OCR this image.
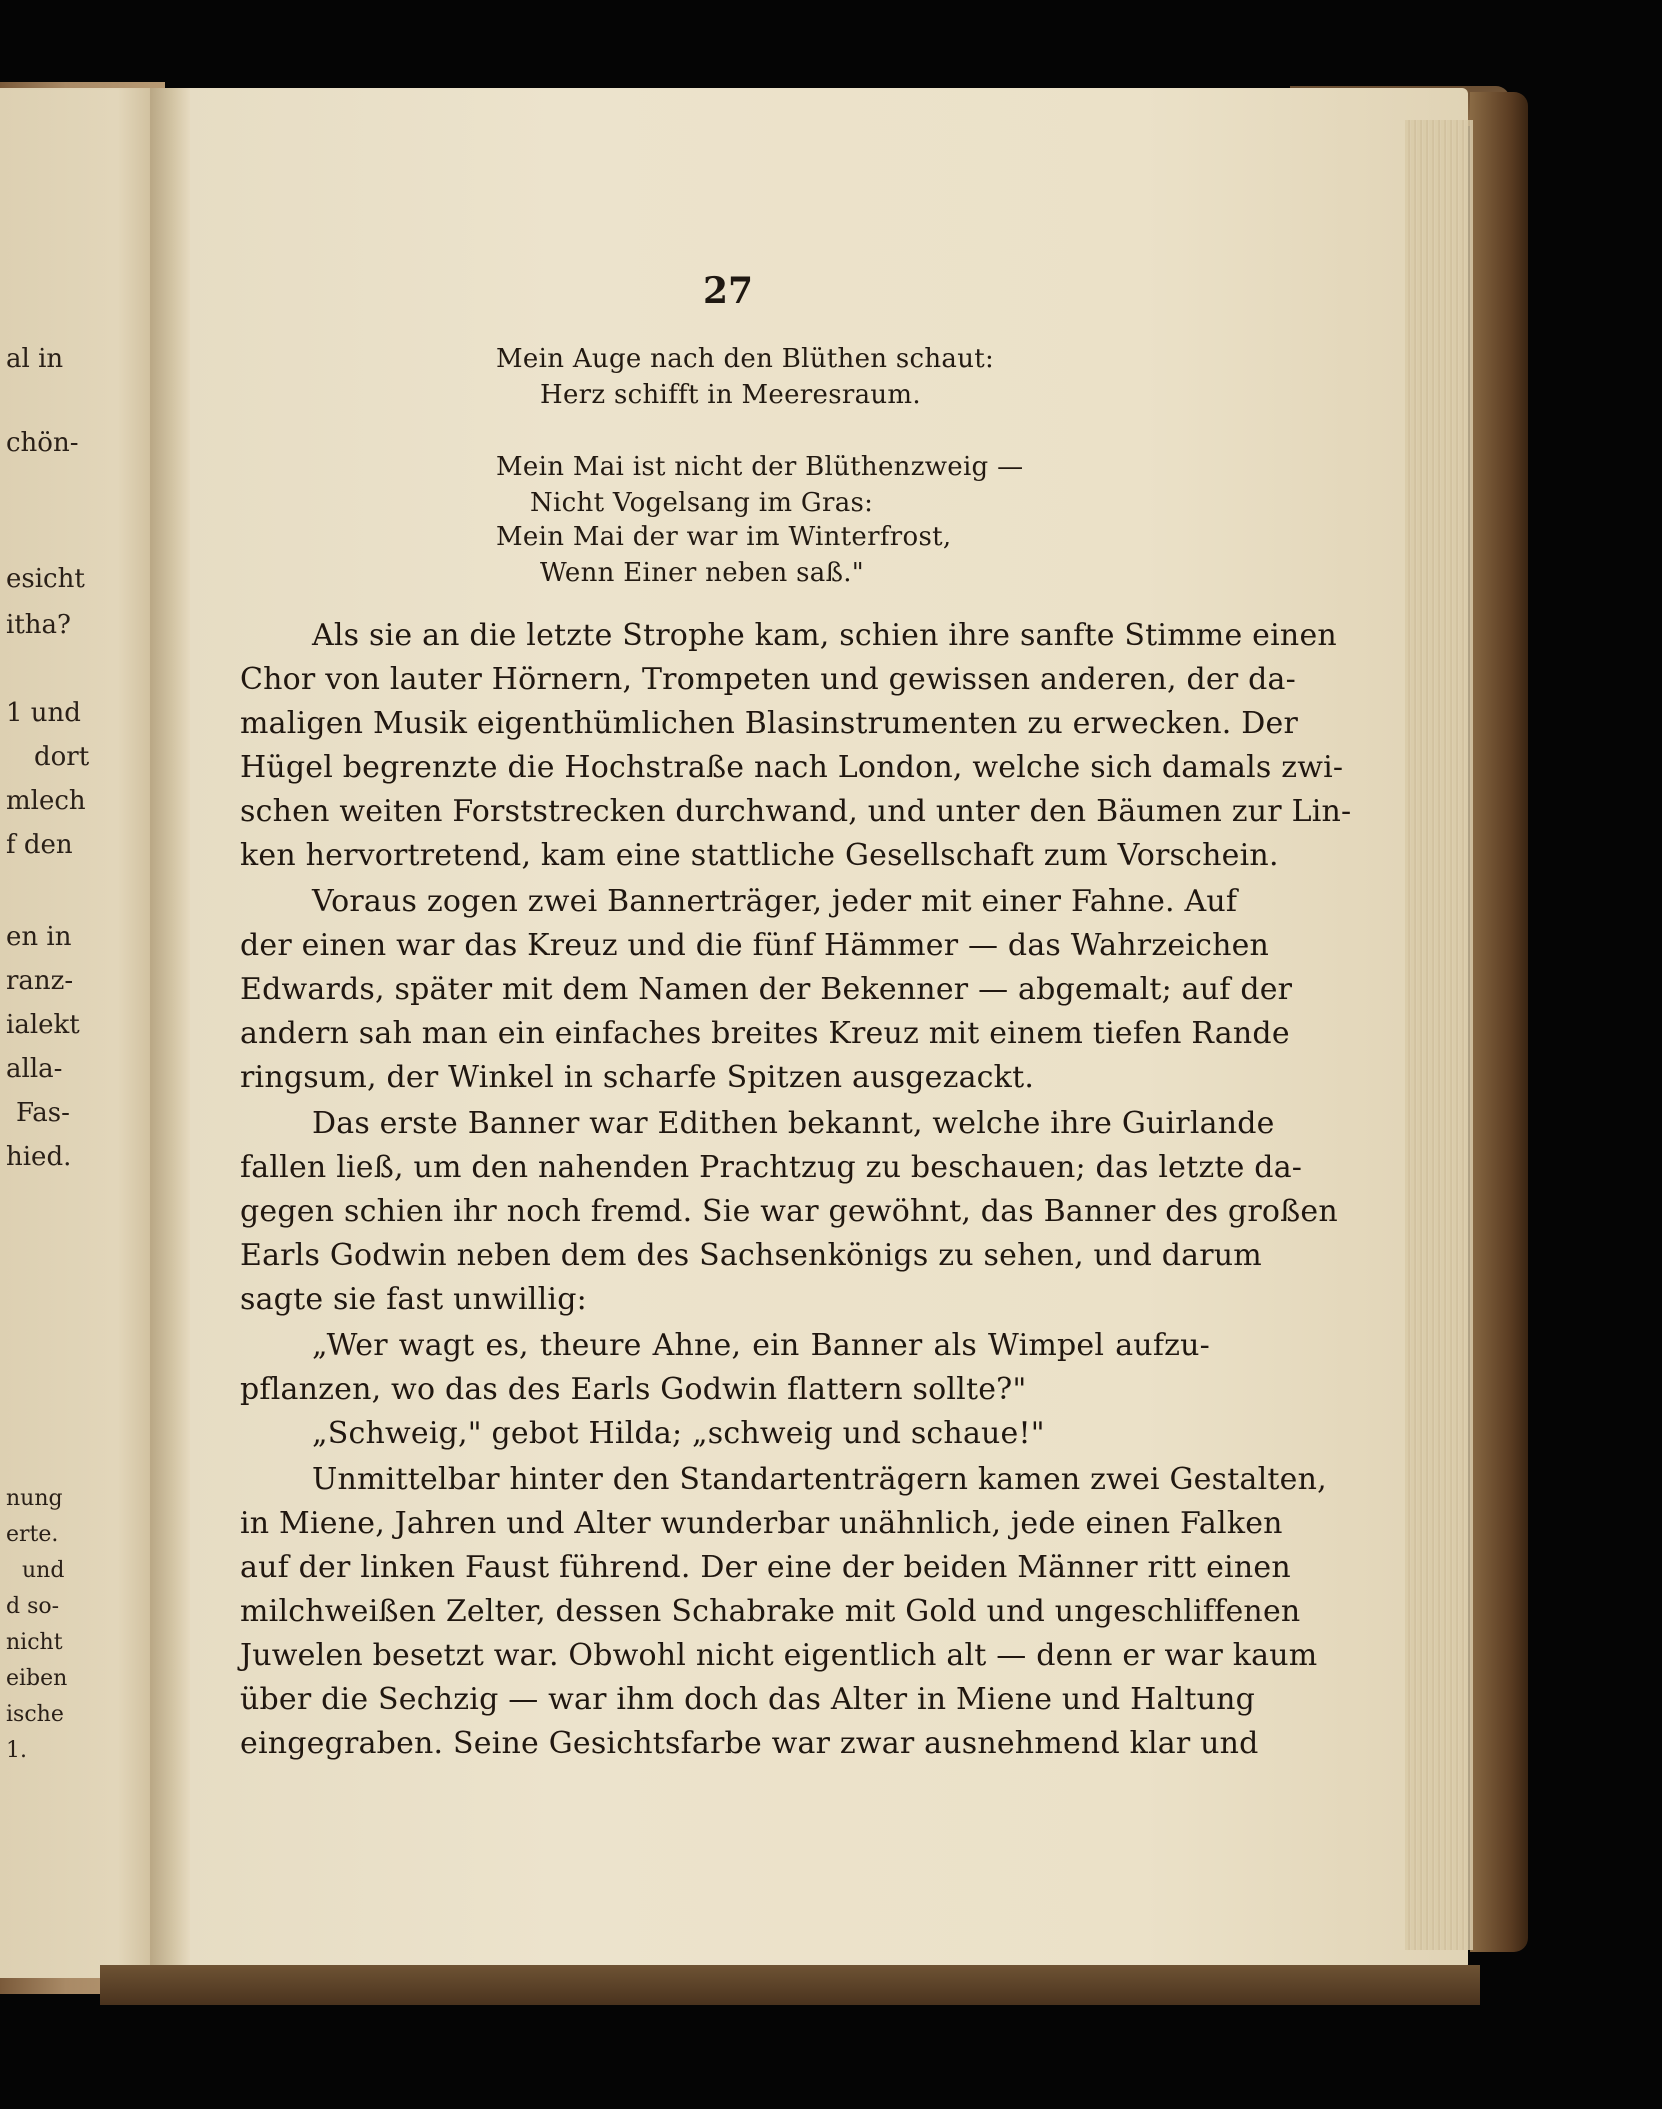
al in
chön-
esicht
itha?
1 und
dort
mlech
f den
en in
ranz-
ialekt
alla-
Fas-
hied.
nung
erte.
und
d so-
nicht
eiben
ische
1.
27
Mein Auge nach den Blüthen schaut:
Herz schifft in Meeresraum.
Mein Mai ist nicht der Blüthenzweig —
Nicht Vogelsang im Gras:
Mein Mai der war im Winterfrost,
Wenn Einer neben saß."
Als sie an die letzte Strophe kam, schien ihre sanfte Stimme einen
Chor von lauter Hörnern, Trompeten und gewissen anderen, der da-
maligen Musik eigenthümlichen Blasinstrumenten zu erwecken. Der
Hügel begrenzte die Hochstraße nach London, welche sich damals zwi-
schen weiten Forststrecken durchwand, und unter den Bäumen zur Lin-
ken hervortretend, kam eine stattliche Gesellschaft zum Vorschein.
Voraus zogen zwei Bannerträger, jeder mit einer Fahne. Auf
der einen war das Kreuz und die fünf Hämmer — das Wahrzeichen
Edwards, später mit dem Namen der Bekenner — abgemalt; auf der
andern sah man ein einfaches breites Kreuz mit einem tiefen Rande
ringsum, der Winkel in scharfe Spitzen ausgezackt.
Das erste Banner war Edithen bekannt, welche ihre Guirlande
fallen ließ, um den nahenden Prachtzug zu beschauen; das letzte da-
gegen schien ihr noch fremd. Sie war gewöhnt, das Banner des großen
Earls Godwin neben dem des Sachsenkönigs zu sehen, und darum
sagte sie fast unwillig:
„Wer wagt es, theure Ahne, ein Banner als Wimpel aufzu-
pflanzen, wo das des Earls Godwin flattern sollte?"
„Schweig," gebot Hilda; „schweig und schaue!"
Unmittelbar hinter den Standartenträgern kamen zwei Gestalten,
in Miene, Jahren und Alter wunderbar unähnlich, jede einen Falken
auf der linken Faust führend. Der eine der beiden Männer ritt einen
milchweißen Zelter, dessen Schabrake mit Gold und ungeschliffenen
Juwelen besetzt war. Obwohl nicht eigentlich alt — denn er war kaum
über die Sechzig — war ihm doch das Alter in Miene und Haltung
eingegraben. Seine Gesichtsfarbe war zwar ausnehmend klar und
